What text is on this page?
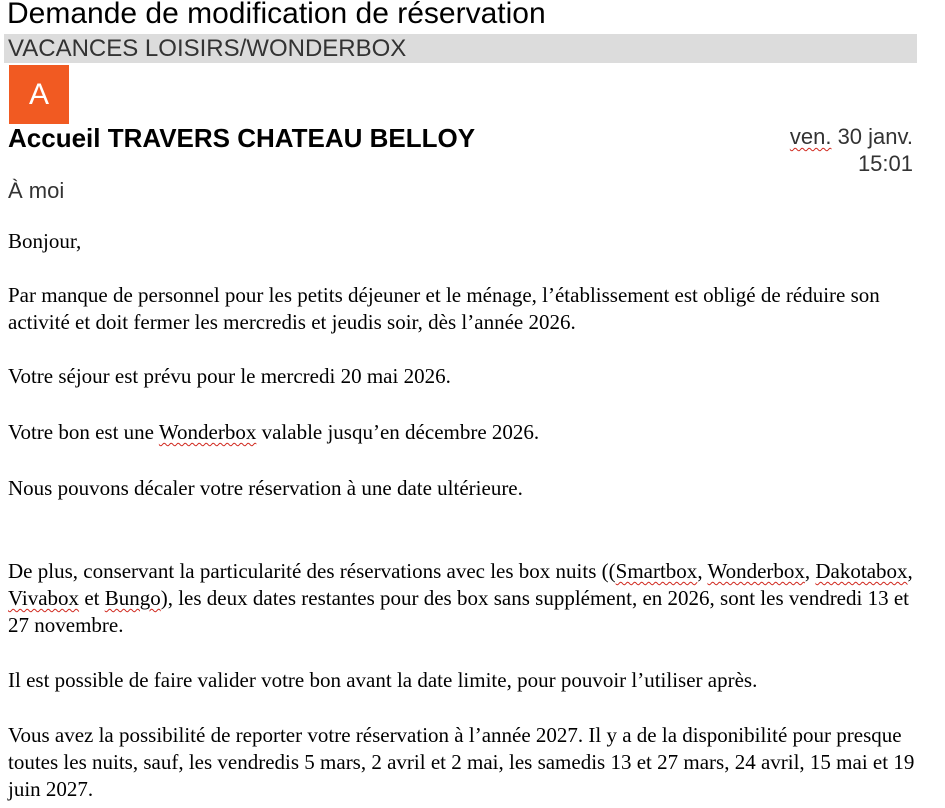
Demande de modification de réservation
VACANCES LOISIRS/WONDERBOX
A
Accueil TRAVERS CHATEAU BELLOY	ven. 30 janv.
15:01
À moi

Bonjour,

Par manque de personnel pour les petits déjeuner et le ménage, l’établissement est obligé de réduire son activité et doit fermer les mercredis et jeudis soir, dès l’année 2026.

Votre séjour est prévu pour le mercredi 20 mai 2026.

Votre bon est une Wonderbox valable jusqu’en décembre 2026.

Nous pouvons décaler votre réservation à une date ultérieure.

De plus, conservant la particularité des réservations avec les box nuits ((Smartbox, Wonderbox, Dakotabox, Vivabox et Bungo), les deux dates restantes pour des box sans supplément, en 2026, sont les vendredi 13 et 27 novembre.

Il est possible de faire valider votre bon avant la date limite, pour pouvoir l’utiliser après.

Vous avez la possibilité de reporter votre réservation à l’année 2027. Il y a de la disponibilité pour presque toutes les nuits, sauf, les vendredis 5 mars, 2 avril et 2 mai, les samedis 13 et 27 mars, 24 avril, 15 mai et 19 juin 2027.
